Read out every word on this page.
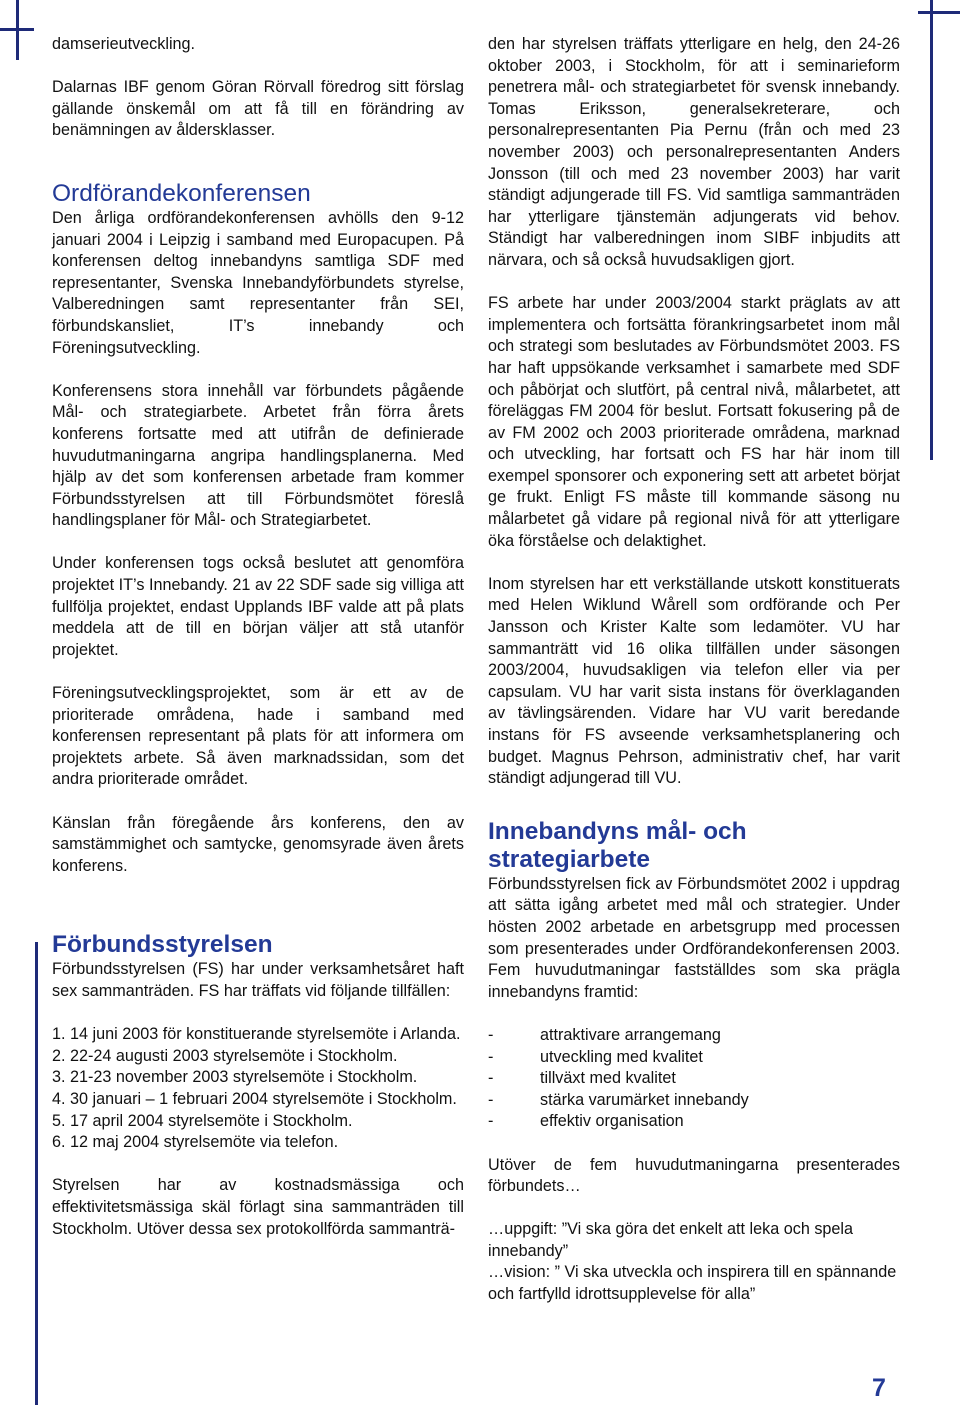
damserieutveckling.

Dalarnas IBF genom Göran Rörvall föredrog sitt förslag gällande önskemål om att få till en förändring av benämningen av åldersklasser.

Ordförandekonferensen

Den årliga ordförandekonferensen avhölls den 9-12 januari 2004 i Leipzig i samband med Europacupen. På konferensen deltog innebandyns samtliga SDF med representanter, Svenska Innebandyförbundets styrelse, Valberedningen samt representanter från SEI, förbundskansliet, IT’s innebandy och Föreningsutveckling.

Konferensens stora innehåll var förbundets pågående Mål- och strategiarbete. Arbetet från förra årets konferens fortsatte med att utifrån de definierade huvudutmaningarna angripa handlingsplanerna. Med hjälp av det som konferensen arbetade fram kommer Förbundsstyrelsen att till Förbundsmötet föreslå handlingsplaner för Mål- och Strategiarbetet.

Under konferensen togs också beslutet att genomföra projektet IT’s Innebandy. 21 av 22 SDF sade sig villiga att fullfölja projektet, endast Upplands IBF valde att på plats meddela att de till en början väljer att stå utanför projektet.

Föreningsutvecklingsprojektet, som är ett av de prioriterade områdena, hade i samband med konferensen representant på plats för att informera om projektets arbete. Så även marknadssidan, som det andra prioriterade området.

Känslan från föregående års konferens, den av samstämmighet och samtycke, genomsyrade även årets konferens.

Förbundsstyrelsen

Förbundsstyrelsen (FS) har under verksamhetsåret haft sex sammanträden. FS har träffats vid följande tillfällen:

1. 14 juni 2003 för konstituerande styrelsemöte i Arlanda.
2. 22-24 augusti 2003 styrelsemöte i Stockholm.
3. 21-23 november 2003 styrelsemöte i Stockholm.
4. 30 januari – 1 februari 2004 styrelsemöte i Stockholm.
5. 17 april 2004 styrelsemöte i Stockholm.
6. 12 maj 2004 styrelsemöte via telefon.

Styrelsen har av kostnadsmässiga och effektivitetsmässiga skäl förlagt sina sammanträden till Stockholm. Utöver dessa sex protokollförda sammanträ-

den har styrelsen träffats ytterligare en helg, den 24-26 oktober 2003, i Stockholm, för att i seminarieform penetrera mål- och strategiarbetet för svensk innebandy. Tomas Eriksson, generalsekreterare, och personalrepresentanten Pia Pernu (från och med 23 november 2003) och personalrepresentanten Anders Jonsson (till och med 23 november 2003) har varit ständigt adjungerade till FS. Vid samtliga sammanträden har ytterligare tjänstemän adjungerats vid behov. Ständigt har valberedningen inom SIBF inbjudits att närvara, och så också huvudsakligen gjort.

FS arbete har under 2003/2004 starkt präglats av att implementera och fortsätta förankringsarbetet inom mål och strategi som beslutades av Förbundsmötet 2003. FS har haft uppsökande verksamhet i samarbete med SDF och påbörjat och slutfört, på central nivå, målarbetet, att föreläggas FM 2004 för beslut. Fortsatt fokusering på de av FM 2002 och 2003 prioriterade områdena, marknad och utveckling, har fortsatt och FS har här inom till exempel sponsorer och exponering sett att arbetet börjat ge frukt. Enligt FS måste till kommande säsong nu målarbetet gå vidare på regional nivå för att ytterligare öka förståelse och delaktighet.

Inom styrelsen har ett verkställande utskott konstituerats med Helen Wiklund Wårell som ordförande och Per Jansson och Krister Kalte som ledamöter. VU har sammanträtt vid 16 olika tillfällen under säsongen 2003/2004, huvudsakligen via telefon eller via per capsulam. VU har varit sista instans för överklaganden av tävlingsärenden. Vidare har VU varit beredande instans för FS avseende verksamhetsplanering och budget. Magnus Pehrson, administrativ chef, har varit ständigt adjungerad till VU.

Innebandyns mål- och strategiarbete

Förbundsstyrelsen fick av Förbundsmötet 2002 i uppdrag att sätta igång arbetet med mål och strategier. Under hösten 2002 arbetade en arbetsgrupp med processen som presenterades under Ordförandekonferensen 2003. Fem huvudutmaningar fastställdes som ska prägla innebandyns framtid:

-	attraktivare arrangemang
-	utveckling med kvalitet
-	tillväxt med kvalitet
-	stärka varumärket innebandy
-	effektiv organisation

Utöver de fem huvudutmaningarna presenterades förbundets…

…uppgift: ”Vi ska göra det enkelt att leka och spela innebandy”

…vision: ” Vi ska utveckla och inspirera till en spännande och fartfylld idrottsupplevelse för alla”

7
